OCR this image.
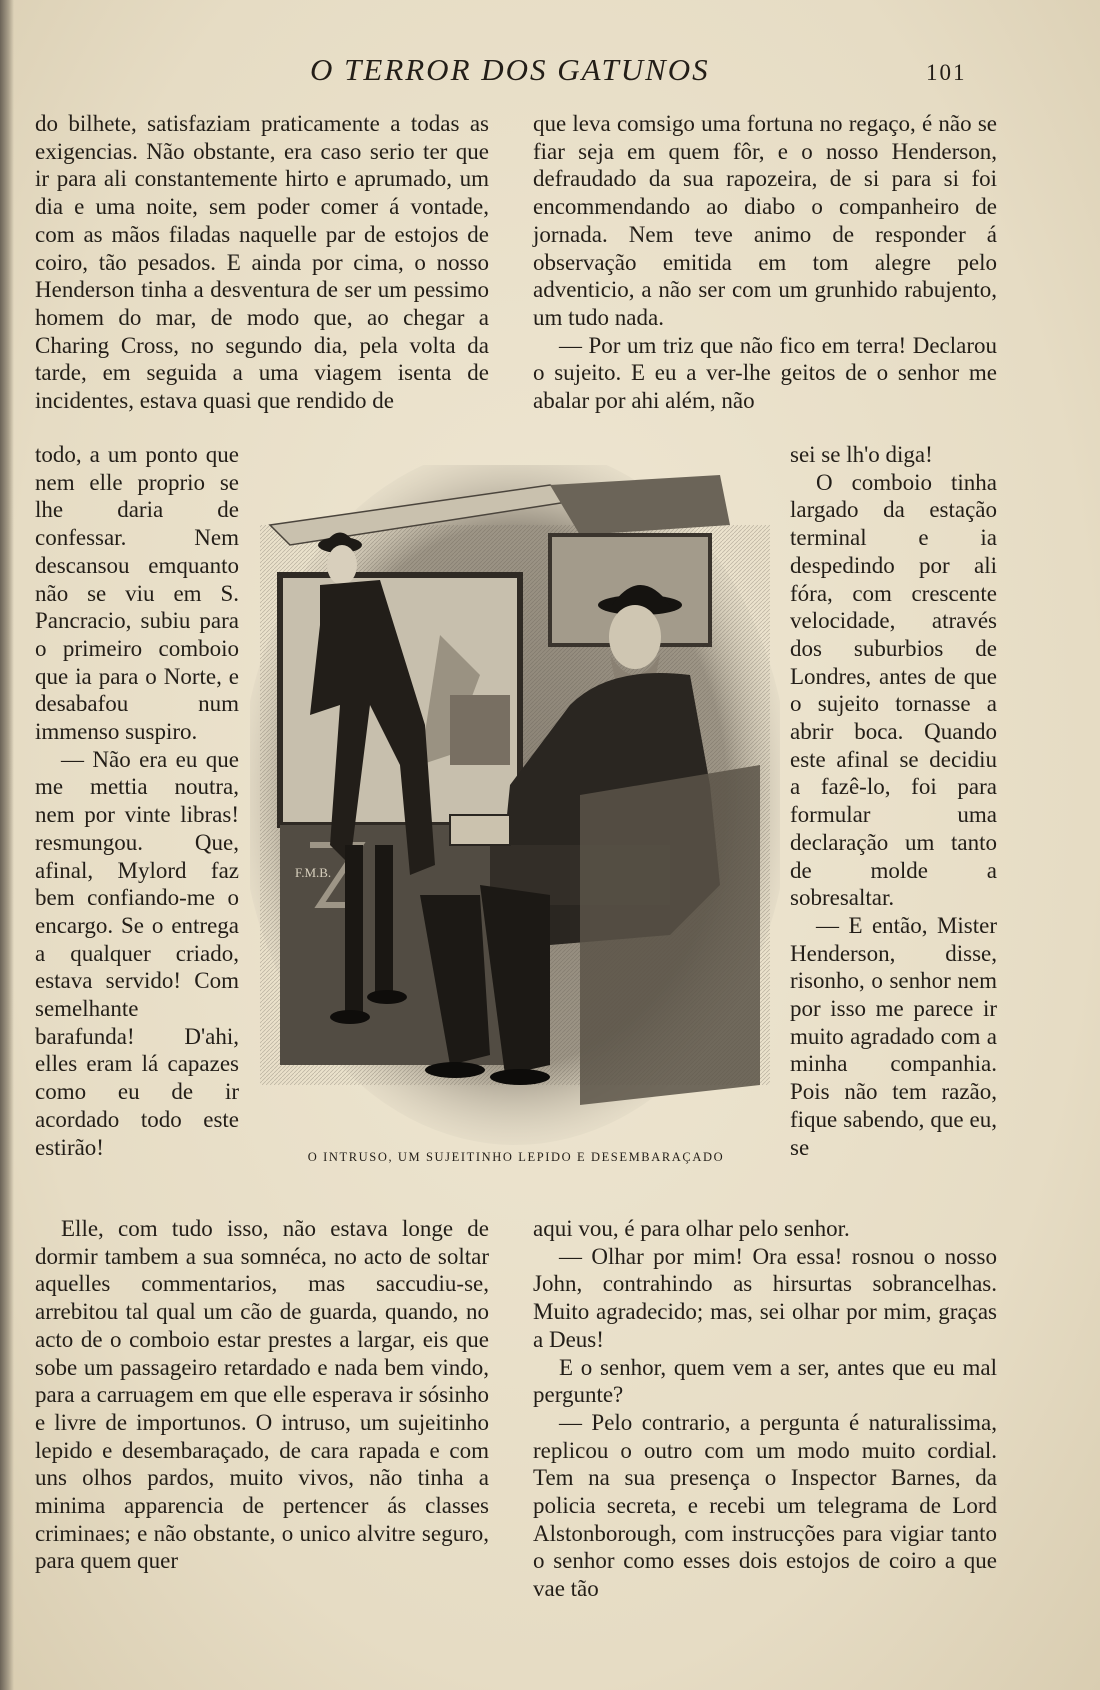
O TERROR DOS GATUNOS	101

do bilhete, satisfaziam praticamente a todas as exigencias. Não obstante, era caso serio ter que ir para ali constantemente hirto e aprumado, um dia e uma noite, sem poder comer á vontade, com as mãos filadas naquelle par de estojos de coiro, tão pesados. E ainda por cima, o nosso Henderson tinha a desventura de ser um pessimo homem do mar, de modo que, ao chegar a Charing Cross, no segundo dia, pela volta da tarde, em seguida a uma viagem isenta de incidentes, estava quasi que rendido de

todo, a um ponto que nem elle proprio se lhe daria de confessar. Nem descansou emquanto não se viu em S. Pancracio, subiu para o primeiro comboio que ia para o Norte, e desabafou num immenso suspiro.

— Não era eu que me mettia noutra, nem por vinte libras! resmungou. Que, afinal, Mylord faz bem confiando-me o encargo. Se o entrega a qualquer criado, estava servido! Com semelhante barafunda! D'ahi, elles eram lá capazes como eu de ir acordado todo este estirão!

Elle, com tudo isso, não estava longe de dormir tambem a sua somnéca, no acto de soltar aquelles commentarios, mas saccudiu-se, arrebitou tal qual um cão de guarda, quando, no acto de o comboio estar prestes a largar, eis que sobe um passageiro retardado e nada bem vindo, para a carruagem em que elle esperava ir sósinho e livre de importunos. O intruso, um sujeitinho lepido e desembaraçado, de cara rapada e com uns olhos pardos, muito vivos, não tinha a minima apparencia de pertencer ás classes criminaes; e não obstante, o unico alvitre seguro, para quem quer

que leva comsigo uma fortuna no regaço, é não se fiar seja em quem fôr, e o nosso Henderson, defraudado da sua rapozeira, de si para si foi encommendando ao diabo o companheiro de jornada. Nem teve animo de responder á observação emitida em tom alegre pelo adventicio, a não ser com um grunhido rabujento, um tudo nada.

— Por um triz que não fico em terra! Declarou o sujeito. E eu a ver-lhe geitos de o senhor me abalar por ahi além, não

sei se lh'o diga!

O comboio tinha largado da estação terminal e ia despedindo por ali fóra, com crescente velocidade, através dos suburbios de Londres, antes de que o sujeito tornasse a abrir boca. Quando este afinal se decidiu a fazê-lo, foi para formular uma declaração um tanto de molde a sobresaltar.

— E então, Mister Henderson, disse, risonho, o senhor nem por isso me parece ir muito agradado com a minha companhia. Pois não tem razão, fique sabendo, que eu, se

aqui vou, é para olhar pelo senhor.

— Olhar por mim! Ora essa! rosnou o nosso John, contrahindo as hirsurtas sobrancelhas. Muito agradecido; mas, sei olhar por mim, graças a Deus!

E o senhor, quem vem a ser, antes que eu mal pergunte?

— Pelo contrario, a pergunta é naturalissima, replicou o outro com um modo muito cordial. Tem na sua presença o Inspector Barnes, da policia secreta, e recebi um telegrama de Lord Alstonborough, com instrucções para vigiar tanto o senhor como esses dois estojos de coiro a que vae tão

F.M.B.
O INTRUSO, UM SUJEITINHO LEPIDO E DESEMBARAÇADO
